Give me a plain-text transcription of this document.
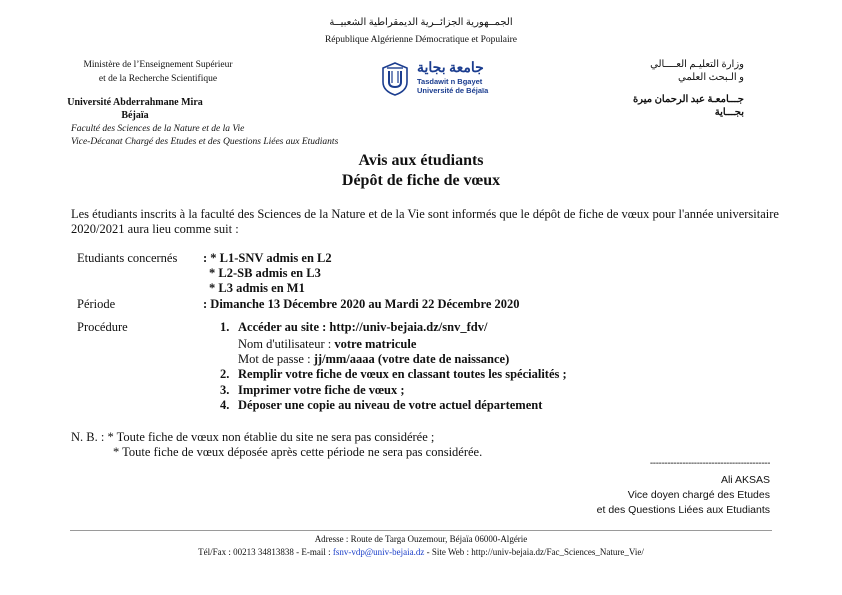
الجمــهورية الجزائــرية الديمقراطية الشعبيــة
République Algérienne Démocratique et Populaire
Ministère de l’Enseignement Supérieur
et de la Recherche Scientifique
Université Abderrahmane Mira
Béjaïa
Faculté des Sciences de la Nature et de la Vie
Vice-Décanat Chargé des Etudes et des Questions Liées aux Etudiants
وزارة التعليـم العــــالي
و الـبحث العلمي
جـــامعـة عبد الرحمان ميرة
بجـــاية
جامعة بجاية
Tasdawit n Bgayet
Université de Béjaïa
Avis aux étudiants
Dépôt de fiche de vœux
Les étudiants inscrits à la faculté des Sciences de la Nature et de la Vie sont informés que le dépôt de fiche de vœux pour l'année universitaire 2020/2021 aura lieu comme suit :
Etudiants concernés : * L1-SNV admis en L2
* L2-SB admis en L3
* L3 admis en M1
Période	: Dimanche 13 Décembre 2020 au Mardi 22 Décembre 2020
Procédure	1. Accéder au site : http://univ-bejaia.dz/snv_fdv/
Nom d'utilisateur : votre matricule
Mot de passe : jj/mm/aaaa (votre date de naissance)
2. Remplir votre fiche de vœux en classant toutes les spécialités ;
3. Imprimer votre fiche de vœux ;
4. Déposer une copie au niveau de votre actuel département
N. B. : * Toute fiche de vœux non établie du site ne sera pas considérée ;
* Toute fiche de vœux déposée après cette période ne sera pas considérée.
-----------------------------------------
Ali AKSAS
Vice doyen chargé des Etudes
et des Questions Liées aux Etudiants
Adresse : Route de Targa Ouzemour, Béjaïa 06000-Algérie
Tél/Fax : 00213 34813838 - E-mail : fsnv-vdp@univ-bejaia.dz - Site Web : http://univ-bejaia.dz/Fac_Sciences_Nature_Vie/
